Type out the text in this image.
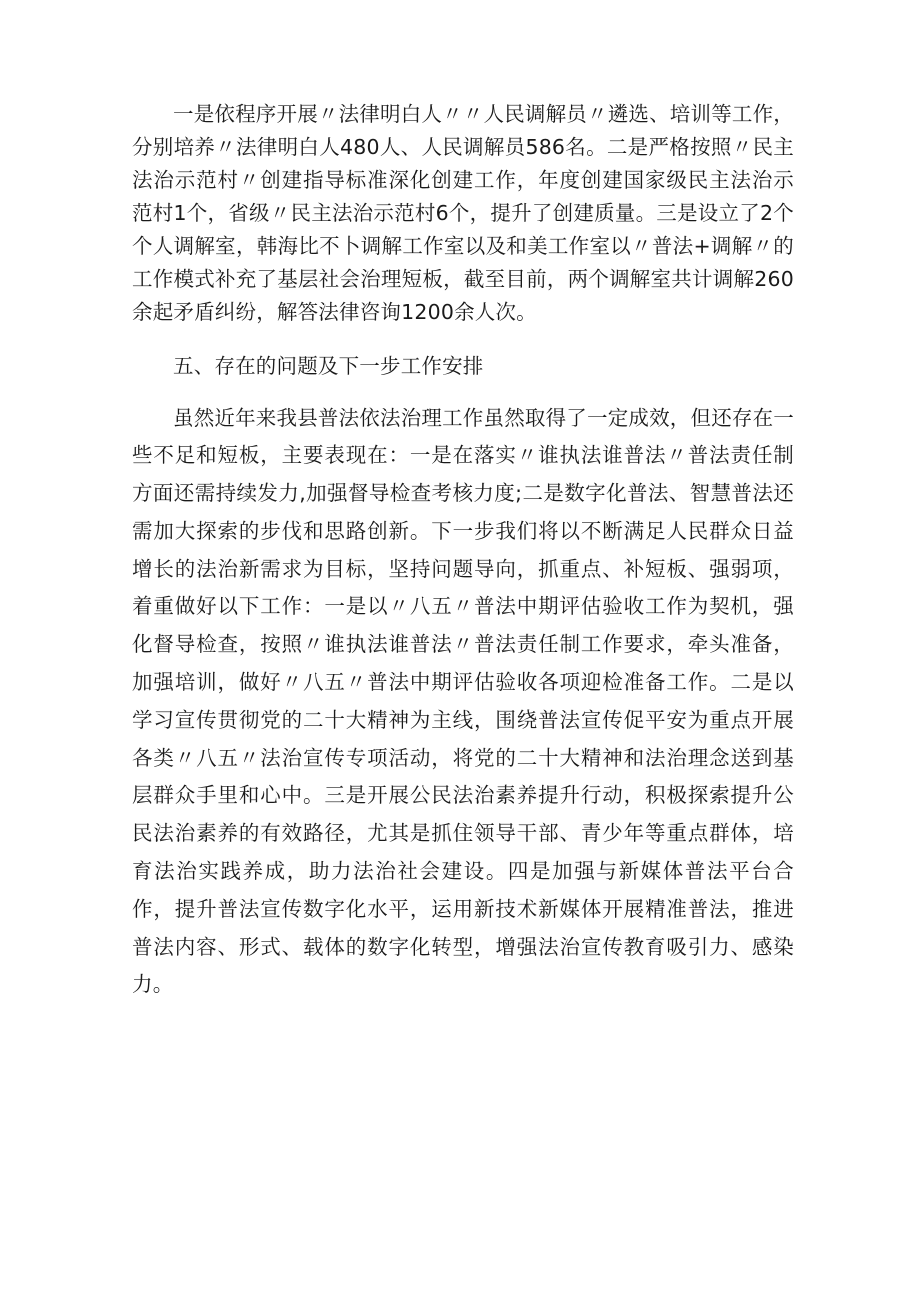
一是依程序开展〃法律明白人〃〃人民调解员〃遴选、培训等工作，分别培养〃法律明白人480人、人民调解员586名。二是严格按照〃民主法治示范村〃创建指导标准深化创建工作，年度创建国家级民主法治示范村1个，省级〃民主法治示范村6个，提升了创建质量。三是设立了2个个人调解室，韩海比不卜调解工作室以及和美工作室以〃普法+调解〃的工作模式补充了基层社会治理短板，截至目前，两个调解室共计调解260余起矛盾纠纷，解答法律咨询1200余人次。

五、存在的问题及下一步工作安排

虽然近年来我县普法依法治理工作虽然取得了一定成效，但还存在一些不足和短板，主要表现在：一是在落实〃谁执法谁普法〃普法责任制方面还需持续发力,加强督导检查考核力度;二是数字化普法、智慧普法还需加大探索的步伐和思路创新。下一步我们将以不断满足人民群众日益增长的法治新需求为目标，坚持问题导向，抓重点、补短板、强弱项，着重做好以下工作：一是以〃八五〃普法中期评估验收工作为契机，强化督导检查，按照〃谁执法谁普法〃普法责任制工作要求，牵头准备，加强培训，做好〃八五〃普法中期评估验收各项迎检准备工作。二是以学习宣传贯彻党的二十大精神为主线，围绕普法宣传促平安为重点开展各类〃八五〃法治宣传专项活动，将党的二十大精神和法治理念送到基层群众手里和心中。三是开展公民法治素养提升行动，积极探索提升公民法治素养的有效路径，尤其是抓住领导干部、青少年等重点群体，培育法治实践养成，助力法治社会建设。四是加强与新媒体普法平台合作，提升普法宣传数字化水平，运用新技术新媒体开展精准普法，推进普法内容、形式、载体的数字化转型，增强法治宣传教育吸引力、感染力。
